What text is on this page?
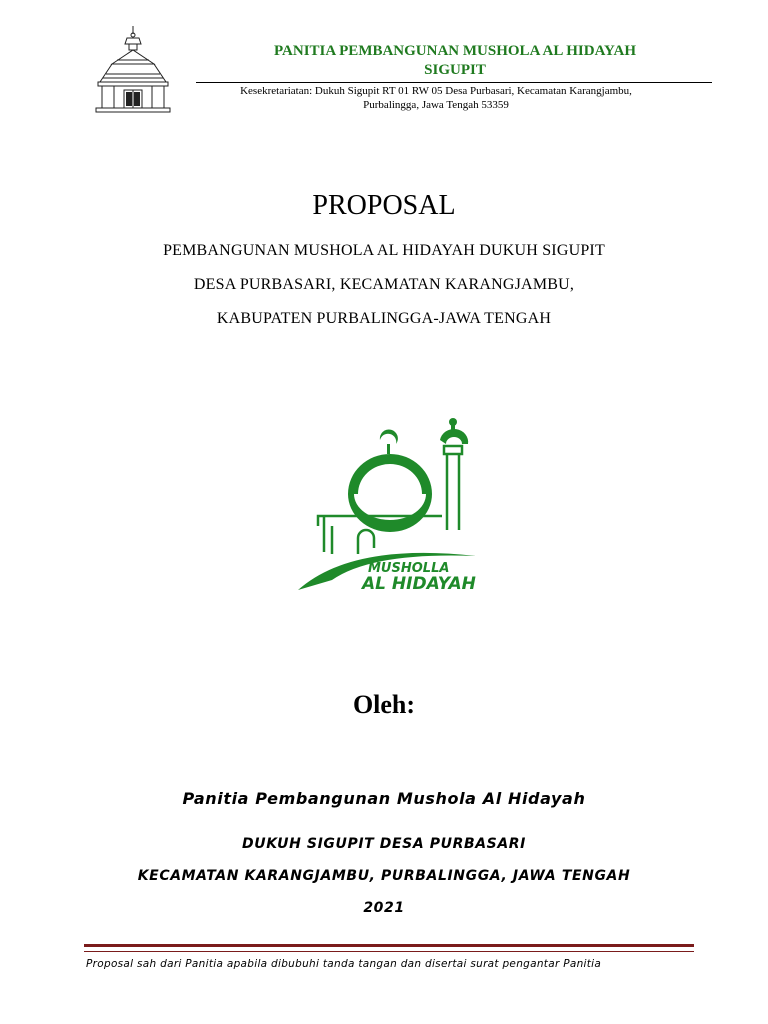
PANITIA PEMBANGUNAN MUSHOLA AL HIDAYAH
SIGUPIT
Kesekretariatan: Dukuh Sigupit RT 01 RW 05 Desa Purbasari, Kecamatan Karangjambu,
Purbalingga, Jawa Tengah 53359
PROPOSAL
PEMBANGUNAN MUSHOLA AL HIDAYAH DUKUH SIGUPIT
DESA PURBASARI, KECAMATAN KARANGJAMBU,
KABUPATEN PURBALINGGA-JAWA TENGAH
MUSHOLLA
AL HIDAYAH
Oleh:
Panitia Pembangunan Mushola Al Hidayah
DUKUH SIGUPIT DESA PURBASARI
KECAMATAN KARANGJAMBU, PURBALINGGA, JAWA TENGAH
2021
Proposal sah dari Panitia apabila dibubuhi tanda tangan dan disertai surat pengantar Panitia
